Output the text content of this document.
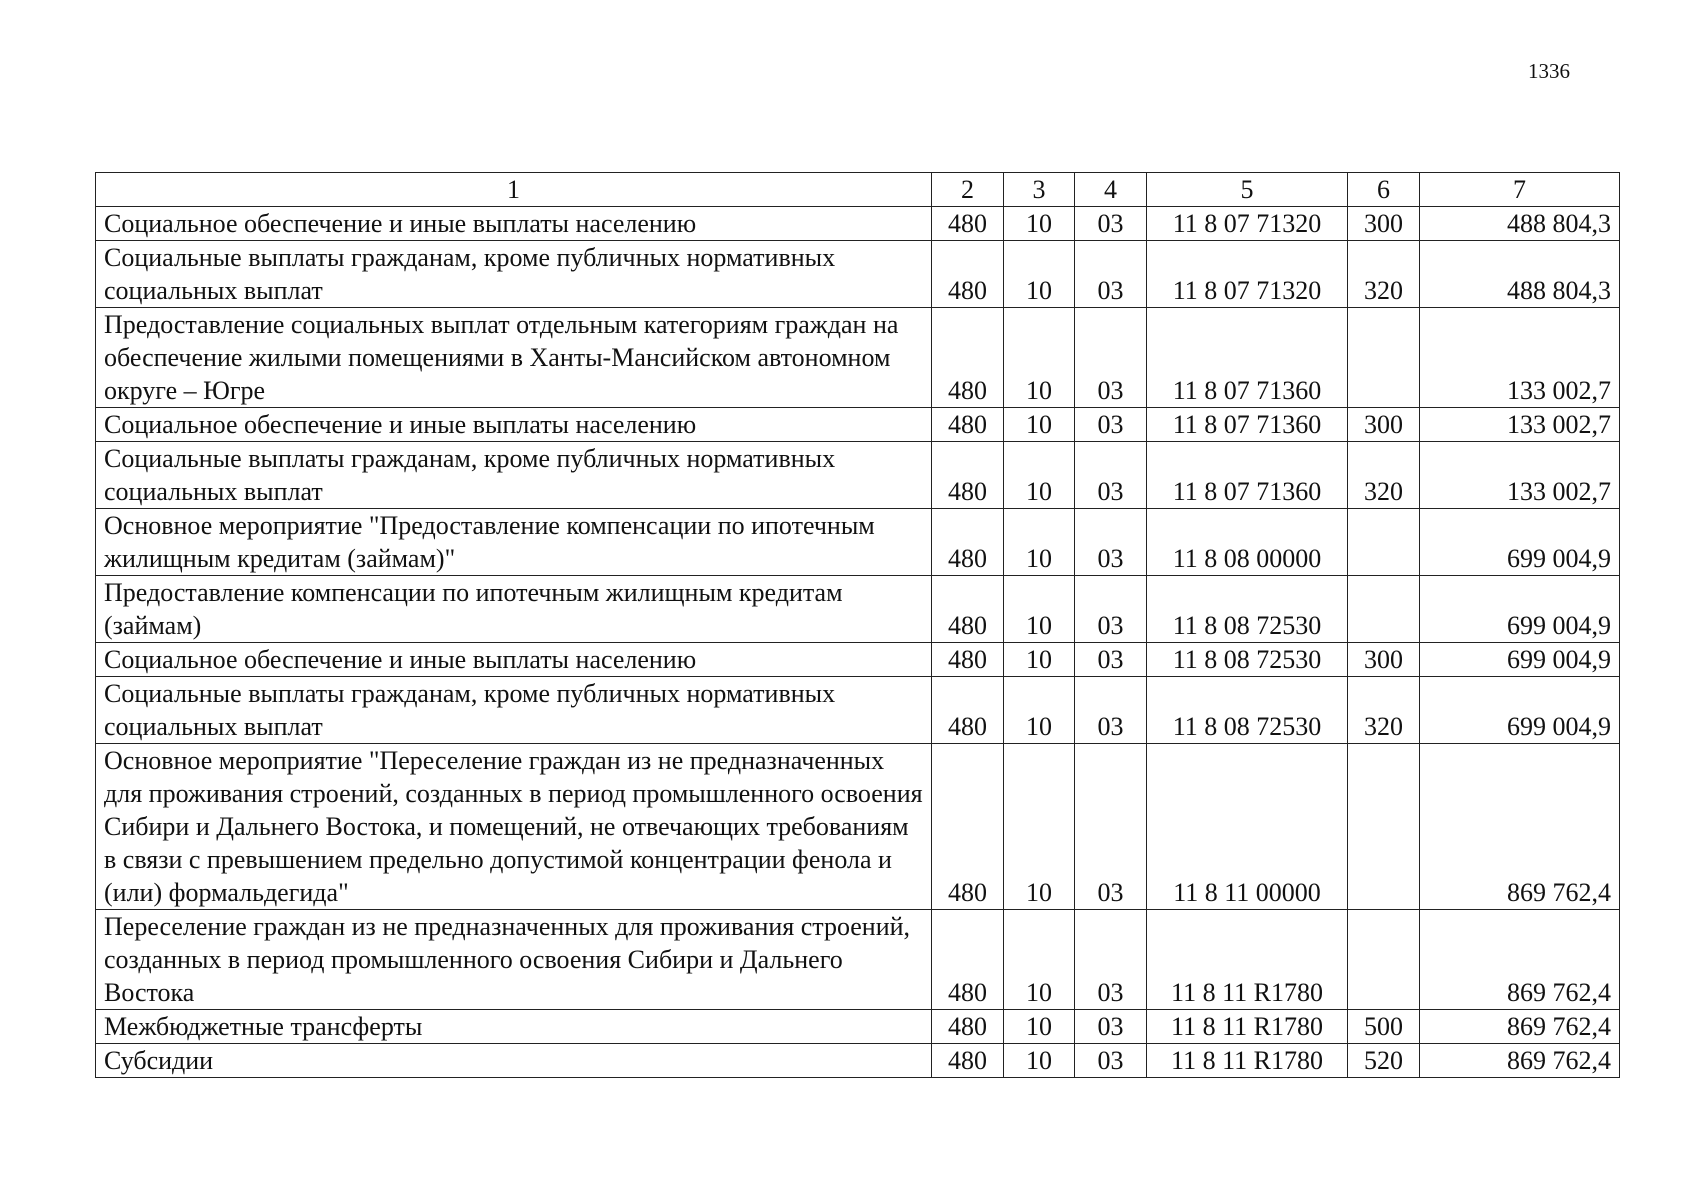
1336
1	2	3	4	5	6	7
Социальное обеспечение и иные выплаты населению	480	10	03	11 8 07 71320	300	488 804,3
Социальные выплаты гражданам, кроме публичных нормативных социальных выплат	480	10	03	11 8 07 71320	320	488 804,3
Предоставление социальных выплат отдельным категориям граждан на обеспечение жилыми помещениями в Ханты-Мансийском автономном округе – Югре	480	10	03	11 8 07 71360		133 002,7
Социальное обеспечение и иные выплаты населению	480	10	03	11 8 07 71360	300	133 002,7
Социальные выплаты гражданам, кроме публичных нормативных социальных выплат	480	10	03	11 8 07 71360	320	133 002,7
Основное мероприятие "Предоставление компенсации по ипотечным жилищным кредитам (займам)"	480	10	03	11 8 08 00000		699 004,9
Предоставление компенсации по ипотечным жилищным кредитам (займам)	480	10	03	11 8 08 72530		699 004,9
Социальное обеспечение и иные выплаты населению	480	10	03	11 8 08 72530	300	699 004,9
Социальные выплаты гражданам, кроме публичных нормативных социальных выплат	480	10	03	11 8 08 72530	320	699 004,9
Основное мероприятие "Переселение граждан из не предназначенных для проживания строений, созданных в период промышленного освоения Сибири и Дальнего Востока, и помещений, не отвечающих требованиям в связи с превышением предельно допустимой концентрации фенола и (или) формальдегида"	480	10	03	11 8 11 00000		869 762,4
Переселение граждан из не предназначенных для проживания строений, созданных в период промышленного освоения Сибири и Дальнего Востока	480	10	03	11 8 11 R1780		869 762,4
Межбюджетные трансферты	480	10	03	11 8 11 R1780	500	869 762,4
Субсидии	480	10	03	11 8 11 R1780	520	869 762,4
